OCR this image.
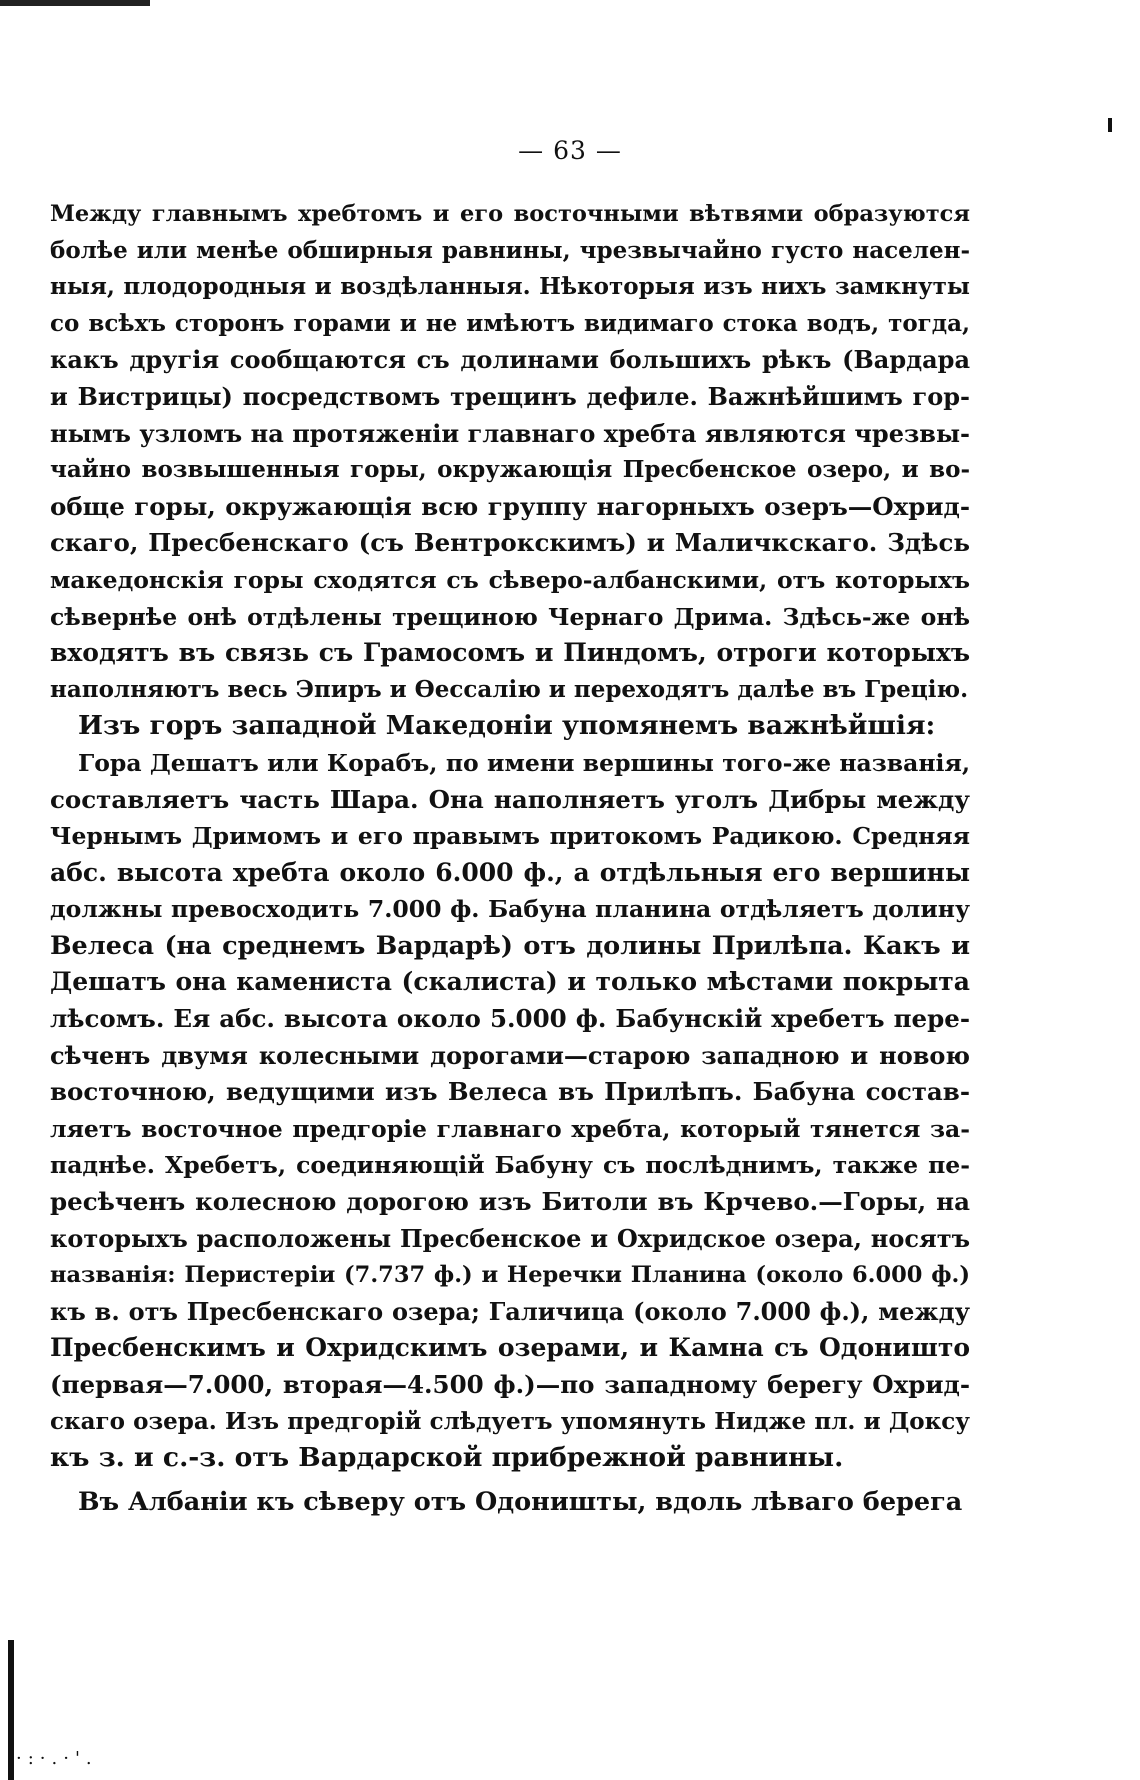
·:·.·'.
— 63 —
Между главнымъ хребтомъ и его восточными вѣтвями образуются
болѣе или менѣе обширныя равнины, чрезвычайно густо населен-
ныя, плодородныя и воздѣланныя. Нѣкоторыя изъ нихъ замкнуты
со всѣхъ сторонъ горами и не имѣютъ видимаго стока водъ, тогда,
какъ другія сообщаются съ долинами большихъ рѣкъ (Вардара
и Вистрицы) посредствомъ трещинъ дефиле. Важнѣйшимъ гор-
нымъ узломъ на протяженіи главнаго хребта являются чрезвы-
чайно возвышенныя горы, окружающія Пресбенское озеро, и во-
обще горы, окружающія всю группу нагорныхъ озеръ—Охрид-
скаго, Пресбенскаго (съ Вентрокскимъ) и Маличкскаго. Здѣсь
македонскія горы сходятся съ сѣверо-албанскими, отъ которыхъ
сѣвернѣе онѣ отдѣлены трещиною Чернаго Дрима. Здѣсь-же онѣ
входятъ въ связь съ Грамосомъ и Пиндомъ, отроги которыхъ
наполняютъ весь Эпиръ и Ѳессалію и переходятъ далѣе въ Грецію.
Изъ горъ западной Македоніи упомянемъ важнѣйшія:
Гора Дешатъ или Корабъ, по имени вершины того-же названія,
составляетъ часть Шара. Она наполняетъ уголъ Дибры между
Чернымъ Дримомъ и его правымъ притокомъ Радикою. Средняя
абс. высота хребта около 6.000 ф., а отдѣльныя его вершины
должны превосходить 7.000 ф. Бабуна планина отдѣляетъ долину
Велеса (на среднемъ Вардарѣ) отъ долины Прилѣпа. Какъ и
Дешатъ она камениста (скалиста) и только мѣстами покрыта
лѣсомъ. Ея абс. высота около 5.000 ф. Бабунскій хребетъ пере-
сѣченъ двумя колесными дорогами—старою западною и новою
восточною, ведущими изъ Велеса въ Прилѣпъ. Бабуна состав-
ляетъ восточное предгоріе главнаго хребта, который тянется за-
паднѣе. Хребетъ, соединяющій Бабуну съ послѣднимъ, также пе-
ресѣченъ колесною дорогою изъ Битоли въ Крчево.—Горы, на
которыхъ расположены Пресбенское и Охридское озера, носятъ
названія: Перистеріи (7.737 ф.) и Неречки Планина (около 6.000 ф.)
къ в. отъ Пресбенскаго озера; Галичица (около 7.000 ф.), между
Пресбенскимъ и Охридскимъ озерами, и Камна съ Одоништо
(первая—7.000, вторая—4.500 ф.)—по западному берегу Охрид-
скаго озера. Изъ предгорій слѣдуетъ упомянуть Нидже пл. и Доксу
къ з. и с.-з. отъ Вардарской прибрежной равнины.
Въ Албаніи къ сѣверу отъ Одоништы, вдоль лѣваго берега
